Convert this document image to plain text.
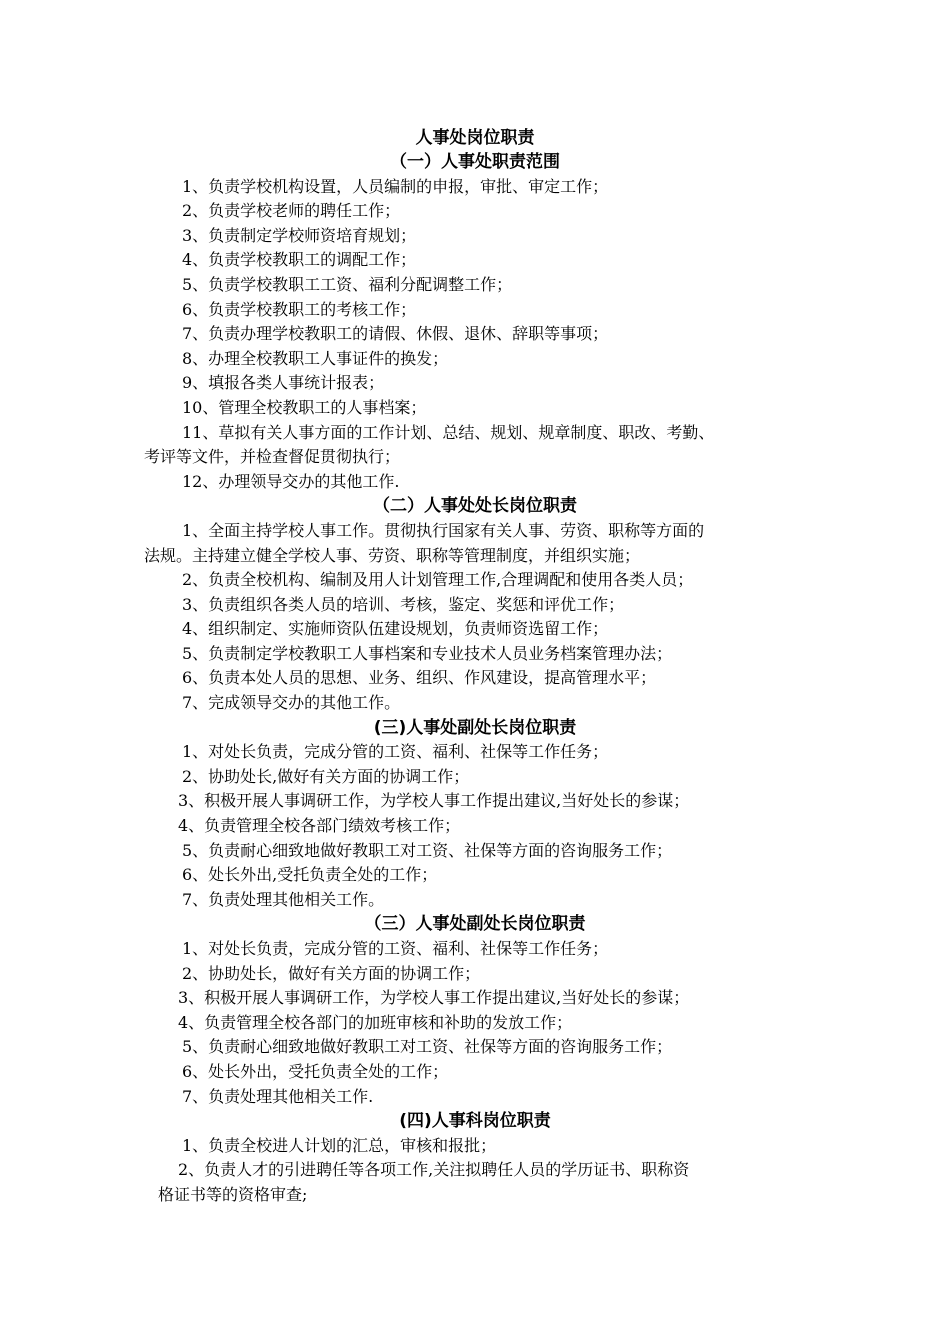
人事处岗位职责
（一）人事处职责范围
1、负责学校机构设置，人员编制的申报，审批、审定工作；
2、负责学校老师的聘任工作；
3、负责制定学校师资培育规划；
4、负责学校教职工的调配工作；
5、负责学校教职工工资、福利分配调整工作；
6、负责学校教职工的考核工作；
7、负责办理学校教职工的请假、休假、退休、辞职等事项；
8、办理全校教职工人事证件的换发；
9、填报各类人事统计报表；
10、管理全校教职工的人事档案；
11、草拟有关人事方面的工作计划、总结、规划、规章制度、职改、考勤、
考评等文件，并检查督促贯彻执行；
12、办理领导交办的其他工作.
（二）人事处处长岗位职责
1、全面主持学校人事工作。贯彻执行国家有关人事、劳资、职称等方面的
法规。主持建立健全学校人事、劳资、职称等管理制度，并组织实施；
2、负责全校机构、编制及用人计划管理工作,合理调配和使用各类人员；
3、负责组织各类人员的培训、考核，鉴定、奖惩和评优工作；
4、组织制定、实施师资队伍建设规划，负责师资选留工作；
5、负责制定学校教职工人事档案和专业技术人员业务档案管理办法；
6、负责本处人员的思想、业务、组织、作风建设，提高管理水平；
7、完成领导交办的其他工作。
(三)人事处副处长岗位职责
1、对处长负责，完成分管的工资、福利、社保等工作任务；
2、协助处长,做好有关方面的协调工作；
3、积极开展人事调研工作，为学校人事工作提出建议,当好处长的参谋；
4、负责管理全校各部门绩效考核工作；
5、负责耐心细致地做好教职工对工资、社保等方面的咨询服务工作；
6、处长外出,受托负责全处的工作；
7、负责处理其他相关工作。
（三）人事处副处长岗位职责
1、对处长负责，完成分管的工资、福利、社保等工作任务；
2、协助处长，做好有关方面的协调工作；
3、积极开展人事调研工作，为学校人事工作提出建议,当好处长的参谋；
4、负责管理全校各部门的加班审核和补助的发放工作；
5、负责耐心细致地做好教职工对工资、社保等方面的咨询服务工作；
6、处长外出，受托负责全处的工作；
7、负责处理其他相关工作.
(四)人事科岗位职责
1、负责全校进人计划的汇总，审核和报批；
2、负责人才的引进聘任等各项工作,关注拟聘任人员的学历证书、职称资
格证书等的资格审查;
